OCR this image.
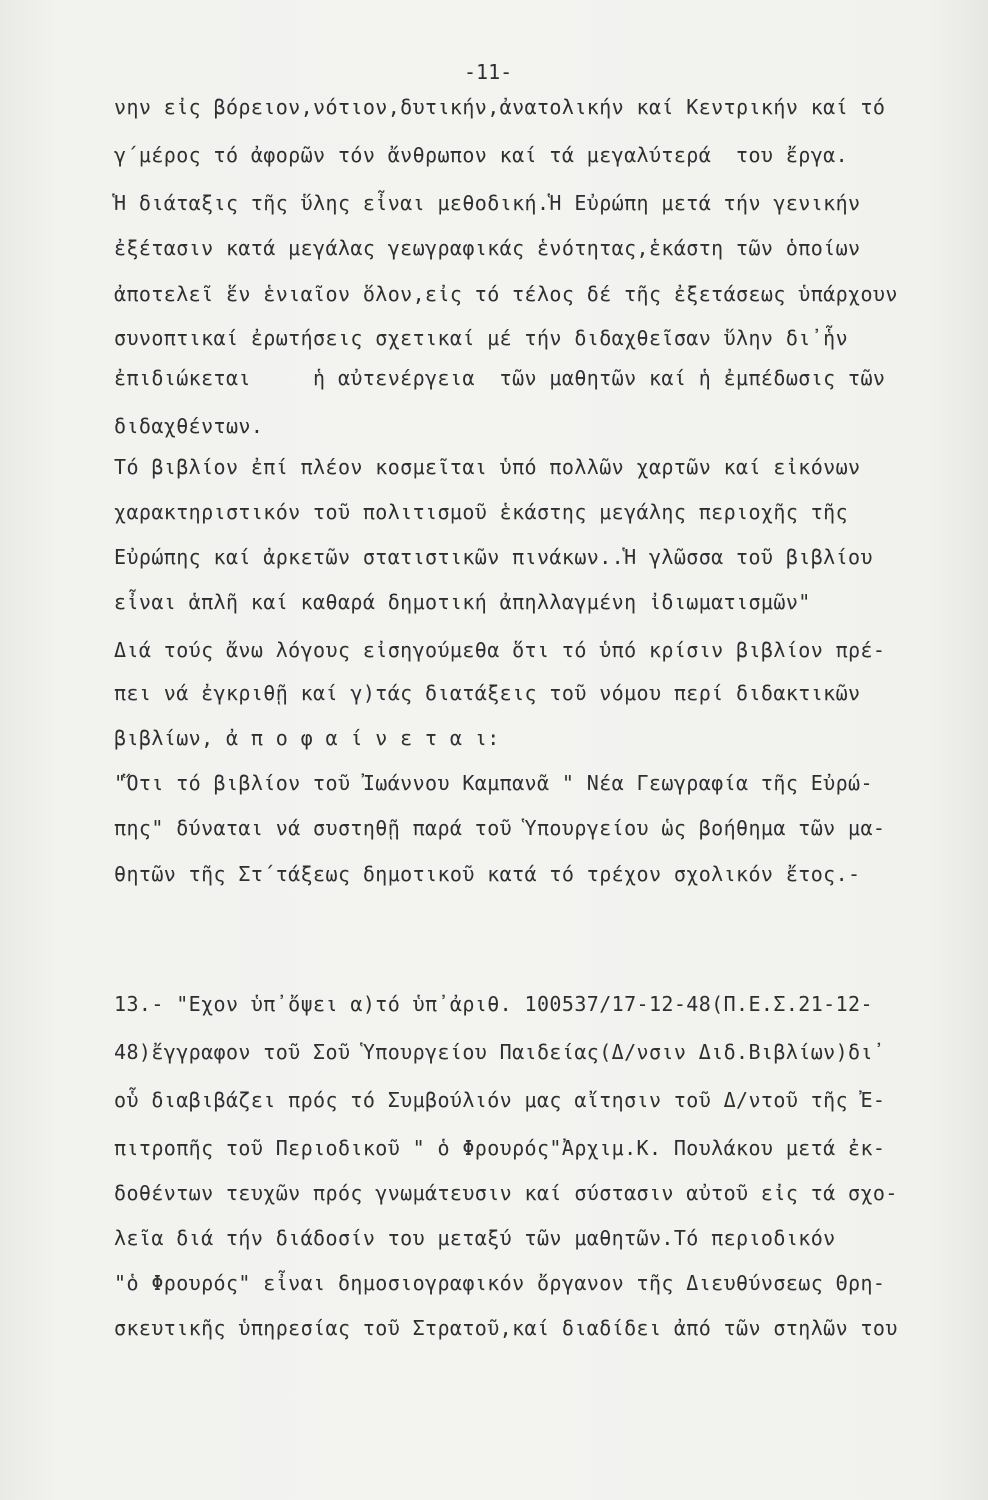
-11-
νην εἰς βόρειον,νότιον,δυτικήν,ἀνατολικήν καί Κεντρικήν καί τό
γ΄μέρος τό ἀφορῶν τόν ἄνθρωπον καί τά μεγαλύτερά  του ἔργα.
Ἡ διάταξις τῆς ὕλης εἶναι μεθοδική.Ἡ Εὐρώπη μετά τήν γενικήν
ἐξέτασιν κατά μεγάλας γεωγραφικάς ἑνότητας,ἑκάστη τῶν ὁποίων
ἀποτελεῖ ἕν ἑνιαῖον ὅλον,εἰς τό τέλος δέ τῆς ἐξετάσεως ὑπάρχουν
συνοπτικαί ἐρωτήσεις σχετικαί μέ τήν διδαχθεῖσαν ὕλην δι᾿ἧν
ἐπιδιώκεται     ἡ αὐτενέργεια  τῶν μαθητῶν καί ἡ ἐμπέδωσις τῶν
διδαχθέντων.
Τό βιβλίον ἐπί πλέον κοσμεῖται ὑπό πολλῶν χαρτῶν καί εἰκόνων
χαρακτηριστικόν τοῦ πολιτισμοῦ ἑκάστης μεγάλης περιοχῆς τῆς
Εὐρώπης καί ἀρκετῶν στατιστικῶν πινάκων..Ἡ γλῶσσα τοῦ βιβλίου
εἶναι ἁπλῆ καί καθαρά δημοτική ἀπηλλαγμένη ἰδιωματισμῶν"
Διά τούς ἄνω λόγους εἰσηγούμεθα ὅτι τό ὑπό κρίσιν βιβλίον πρέ-
πει νά ἐγκριθῇ καί γ)τάς διατάξεις τοῦ νόμου περί διδακτικῶν
βιβλίων, ἀ π ο φ α ί ν ε τ α ι:
"Ὅτι τό βιβλίον τοῦ Ἰωάννου Καμπανᾶ " Νέα Γεωγραφία τῆς Εὐρώ-
πης" δύναται νά συστηθῇ παρά τοῦ Ὑπουργείου ὡς βοήθημα τῶν μα-
θητῶν τῆς Στ΄τάξεως δημοτικοῦ κατά τό τρέχον σχολικόν ἔτος.-
13.- "Εχον ὑπ᾿ὄψει α)τό ὑπ᾿ἀριθ. 100537/17-12-48(Π.Ε.Σ.21-12-
48)ἔγγραφον τοῦ Σοῦ Ὑπουργείου Παιδείας(Δ/νσιν Διδ.Βιβλίων)δι᾿
οὗ διαβιβάζει πρός τό Συμβούλιόν μας αἴτησιν τοῦ Δ/ντοῦ τῆς Ἐ-
πιτροπῆς τοῦ Περιοδικοῦ " ὁ Φρουρός"Ἀρχιμ.Κ. Πουλάκου μετά ἐκ-
δοθέντων τευχῶν πρός γνωμάτευσιν καί σύστασιν αὐτοῦ εἰς τά σχο-
λεῖα διά τήν διάδοσίν του μεταξύ τῶν μαθητῶν.Τό περιοδικόν
"ὁ Φρουρός" εἶναι δημοσιογραφικόν ὄργανον τῆς Διευθύνσεως Θρη-
σκευτικῆς ὑπηρεσίας τοῦ Στρατοῦ,καί διαδίδει ἀπό τῶν στηλῶν του
